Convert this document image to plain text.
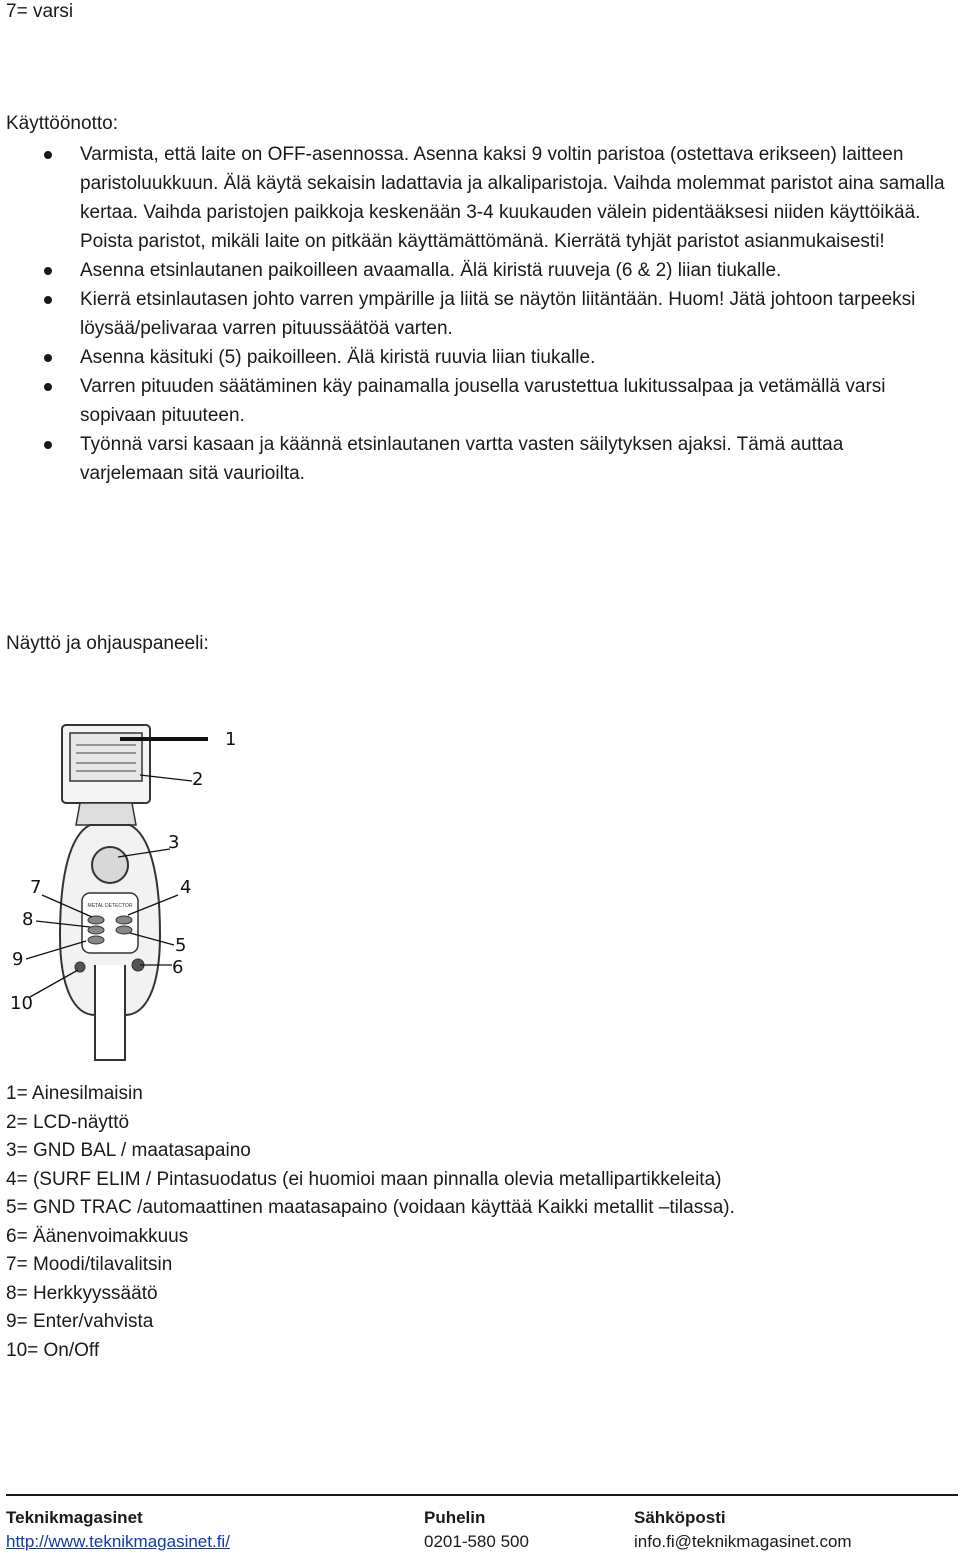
7= varsi
Käyttöönotto:
Varmista, että laite on OFF-asennossa. Asenna kaksi 9 voltin paristoa (ostettava erikseen) laitteen paristoluukkuun. Älä käytä sekaisin ladattavia ja alkaliparistoja. Vaihda molemmat paristot aina samalla kertaa. Vaihda paristojen paikkoja keskenään 3-4 kuukauden välein pidentääksesi niiden käyttöikää. Poista paristot, mikäli laite on pitkään käyttämättömänä. Kierrätä tyhjät paristot asianmukaisesti!
Asenna etsinlautanen paikoilleen avaamalla. Älä kiristä ruuveja (6 & 2) liian tiukalle.
Kierrä etsinlautasen johto varren ympärille ja liitä se näytön liitäntään. Huom! Jätä johtoon tarpeeksi löysää/pelivaraa varren pituussäätöä varten.
Asenna käsituki (5) paikoilleen. Älä kiristä ruuvia liian tiukalle.
Varren pituuden säätäminen käy painamalla jousella varustettua lukitussalpaa ja vetämällä varsi sopivaan pituuteen.
Työnnä varsi kasaan ja käännä etsinlautanen vartta vasten säilytyksen ajaksi. Tämä auttaa varjelemaan sitä vaurioilta.
Näyttö ja ohjauspaneeli:
METAL DETECTOR
1
2
3
4
5
6
7
8
9
10
1= Ainesilmaisin
2= LCD-näyttö
3= GND BAL / maatasapaino
4= (SURF ELIM / Pintasuodatus (ei huomioi maan pinnalla olevia metallipartikkeleita)
5= GND TRAC /automaattinen maatasapaino (voidaan käyttää Kaikki metallit –tilassa).
6= Äänenvoimakkuus
7= Moodi/tilavalitsin
8= Herkkyyssäätö
9= Enter/vahvista
10= On/Off
Teknikmagasinet
http://www.teknikmagasinet.fi/
Puhelin
0201-580 500
Sähköposti
info.fi@teknikmagasinet.com
